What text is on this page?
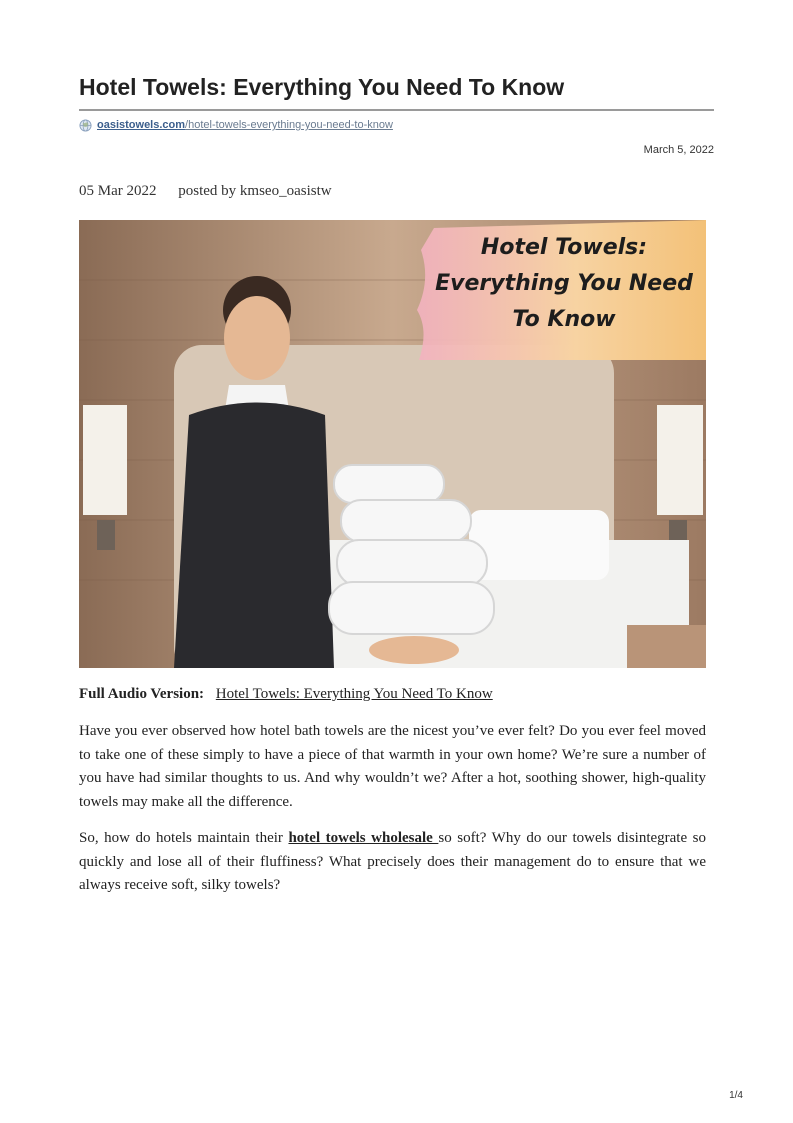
Hotel Towels: Everything You Need To Know
oasistowels.com /hotel-towels-everything-you-need-to-know
March 5, 2022
05 Mar 2022 posted by kmseo_oasistw
Hotel Towels:
Everything You Need
To Know
Full Audio Version: Hotel Towels: Everything You Need To Know

Have you ever observed how hotel bath towels are the nicest you’ve ever felt? Do you ever feel moved to take one of these simply to have a piece of that warmth in your own home? We’re sure a number of you have had similar thoughts to us. And why wouldn’t we? After a hot, soothing shower, high-quality towels may make all the difference.

So, how do hotels maintain their hotel towels wholesale so soft? Why do our towels disintegrate so quickly and lose all of their fluffiness? What precisely does their management do to ensure that we always receive soft, silky towels?

1/4
